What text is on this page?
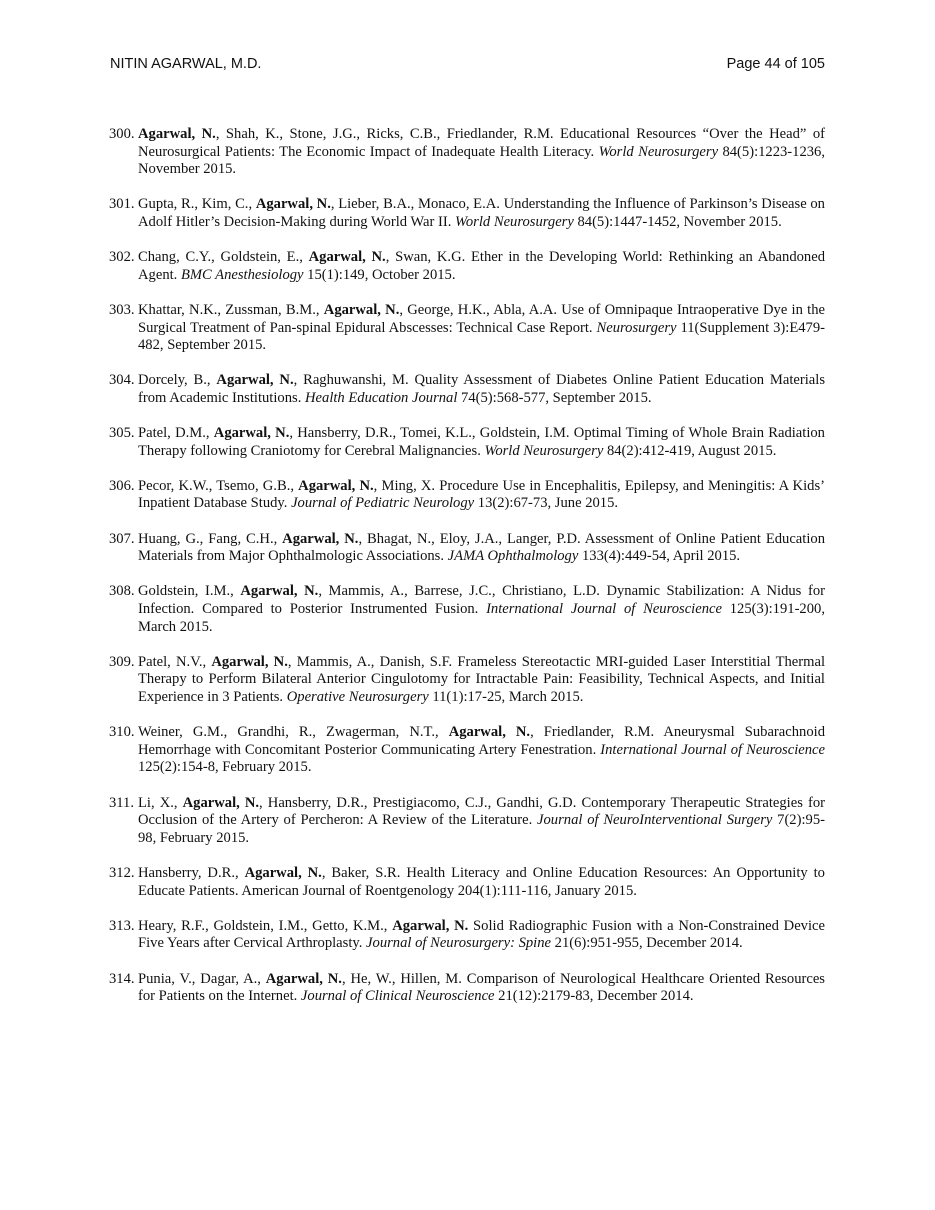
NITIN AGARWAL, M.D.	Page 44 of 105
300. Agarwal, N., Shah, K., Stone, J.G., Ricks, C.B., Friedlander, R.M. Educational Resources “Over the Head” of Neurosurgical Patients: The Economic Impact of Inadequate Health Literacy. World Neurosurgery 84(5):1223-1236, November 2015.
301. Gupta, R., Kim, C., Agarwal, N., Lieber, B.A., Monaco, E.A. Understanding the Influence of Parkinson’s Disease on Adolf Hitler’s Decision-Making during World War II. World Neurosurgery 84(5):1447-1452, November 2015.
302. Chang, C.Y., Goldstein, E., Agarwal, N., Swan, K.G. Ether in the Developing World: Rethinking an Abandoned Agent. BMC Anesthesiology 15(1):149, October 2015.
303. Khattar, N.K., Zussman, B.M., Agarwal, N., George, H.K., Abla, A.A. Use of Omnipaque Intraoperative Dye in the Surgical Treatment of Pan-spinal Epidural Abscesses: Technical Case Report. Neurosurgery 11(Supplement 3):E479-482, September 2015.
304. Dorcely, B., Agarwal, N., Raghuwanshi, M. Quality Assessment of Diabetes Online Patient Education Materials from Academic Institutions. Health Education Journal 74(5):568-577, September 2015.
305. Patel, D.M., Agarwal, N., Hansberry, D.R., Tomei, K.L., Goldstein, I.M. Optimal Timing of Whole Brain Radiation Therapy following Craniotomy for Cerebral Malignancies. World Neurosurgery 84(2):412-419, August 2015.
306. Pecor, K.W., Tsemo, G.B., Agarwal, N., Ming, X. Procedure Use in Encephalitis, Epilepsy, and Meningitis: A Kids’ Inpatient Database Study. Journal of Pediatric Neurology 13(2):67-73, June 2015.
307. Huang, G., Fang, C.H., Agarwal, N., Bhagat, N., Eloy, J.A., Langer, P.D. Assessment of Online Patient Education Materials from Major Ophthalmologic Associations. JAMA Ophthalmology 133(4):449-54, April 2015.
308. Goldstein, I.M., Agarwal, N., Mammis, A., Barrese, J.C., Christiano, L.D. Dynamic Stabilization: A Nidus for Infection. Compared to Posterior Instrumented Fusion. International Journal of Neuroscience 125(3):191-200, March 2015.
309. Patel, N.V., Agarwal, N., Mammis, A., Danish, S.F. Frameless Stereotactic MRI-guided Laser Interstitial Thermal Therapy to Perform Bilateral Anterior Cingulotomy for Intractable Pain: Feasibility, Technical Aspects, and Initial Experience in 3 Patients. Operative Neurosurgery 11(1):17-25, March 2015.
310. Weiner, G.M., Grandhi, R., Zwagerman, N.T., Agarwal, N., Friedlander, R.M. Aneurysmal Subarachnoid Hemorrhage with Concomitant Posterior Communicating Artery Fenestration. International Journal of Neuroscience 125(2):154-8, February 2015.
311. Li, X., Agarwal, N., Hansberry, D.R., Prestigiacomo, C.J., Gandhi, G.D. Contemporary Therapeutic Strategies for Occlusion of the Artery of Percheron: A Review of the Literature. Journal of NeuroInterventional Surgery 7(2):95-98, February 2015.
312. Hansberry, D.R., Agarwal, N., Baker, S.R. Health Literacy and Online Education Resources: An Opportunity to Educate Patients. American Journal of Roentgenology 204(1):111-116, January 2015.
313. Heary, R.F., Goldstein, I.M., Getto, K.M., Agarwal, N. Solid Radiographic Fusion with a Non-Constrained Device Five Years after Cervical Arthroplasty. Journal of Neurosurgery: Spine 21(6):951-955, December 2014.
314. Punia, V., Dagar, A., Agarwal, N., He, W., Hillen, M. Comparison of Neurological Healthcare Oriented Resources for Patients on the Internet. Journal of Clinical Neuroscience 21(12):2179-83, December 2014.
